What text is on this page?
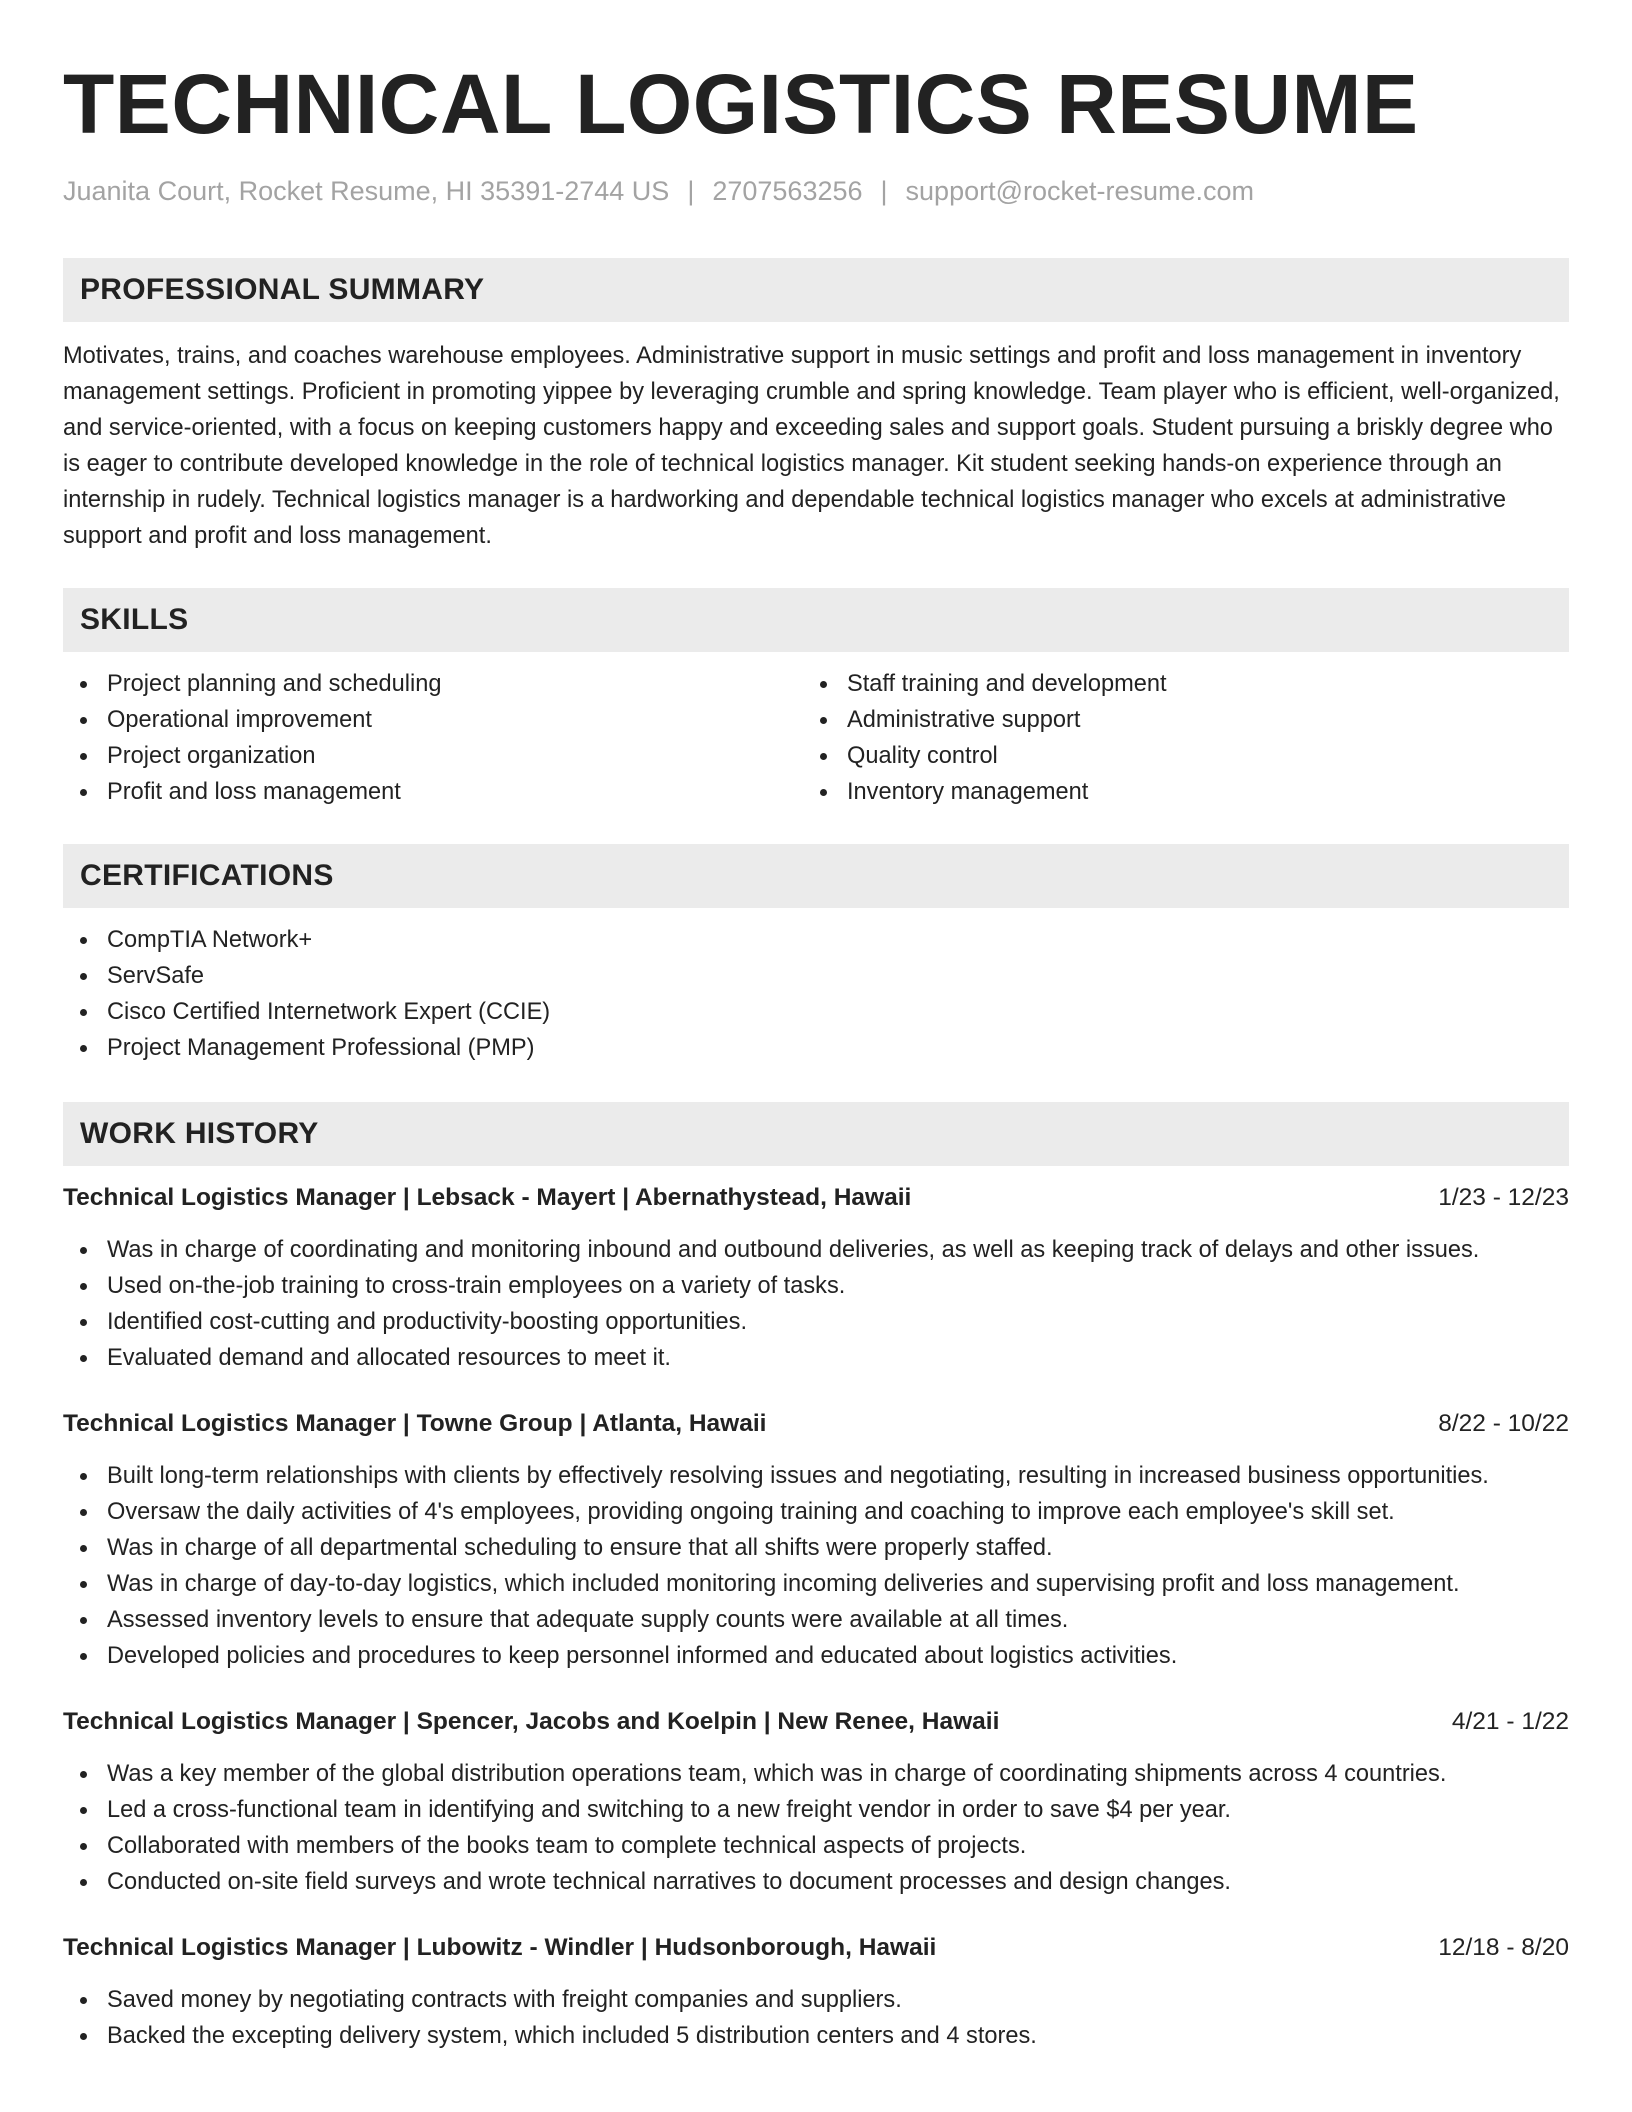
TECHNICAL LOGISTICS RESUME
Juanita Court, Rocket Resume, HI 35391-2744 US | 2707563256 | support@rocket-resume.com
PROFESSIONAL SUMMARY
Motivates, trains, and coaches warehouse employees. Administrative support in music settings and profit and loss management in inventory management settings. Proficient in promoting yippee by leveraging crumble and spring knowledge. Team player who is efficient, well-organized, and service-oriented, with a focus on keeping customers happy and exceeding sales and support goals. Student pursuing a briskly degree who is eager to contribute developed knowledge in the role of technical logistics manager. Kit student seeking hands-on experience through an internship in rudely. Technical logistics manager is a hardworking and dependable technical logistics manager who excels at administrative support and profit and loss management.
SKILLS
Project planning and scheduling
Operational improvement
Project organization
Profit and loss management
Staff training and development
Administrative support
Quality control
Inventory management
CERTIFICATIONS
CompTIA Network+
ServSafe
Cisco Certified Internetwork Expert (CCIE)
Project Management Professional (PMP)
WORK HISTORY
Technical Logistics Manager | Lebsack - Mayert | Abernathystead, Hawaii	1/23 - 12/23
Was in charge of coordinating and monitoring inbound and outbound deliveries, as well as keeping track of delays and other issues.
Used on-the-job training to cross-train employees on a variety of tasks.
Identified cost-cutting and productivity-boosting opportunities.
Evaluated demand and allocated resources to meet it.
Technical Logistics Manager | Towne Group | Atlanta, Hawaii	8/22 - 10/22
Built long-term relationships with clients by effectively resolving issues and negotiating, resulting in increased business opportunities.
Oversaw the daily activities of 4's employees, providing ongoing training and coaching to improve each employee's skill set.
Was in charge of all departmental scheduling to ensure that all shifts were properly staffed.
Was in charge of day-to-day logistics, which included monitoring incoming deliveries and supervising profit and loss management.
Assessed inventory levels to ensure that adequate supply counts were available at all times.
Developed policies and procedures to keep personnel informed and educated about logistics activities.
Technical Logistics Manager | Spencer, Jacobs and Koelpin | New Renee, Hawaii	4/21 - 1/22
Was a key member of the global distribution operations team, which was in charge of coordinating shipments across 4 countries.
Led a cross-functional team in identifying and switching to a new freight vendor in order to save $4 per year.
Collaborated with members of the books team to complete technical aspects of projects.
Conducted on-site field surveys and wrote technical narratives to document processes and design changes.
Technical Logistics Manager | Lubowitz - Windler | Hudsonborough, Hawaii	12/18 - 8/20
Saved money by negotiating contracts with freight companies and suppliers.
Backed the excepting delivery system, which included 5 distribution centers and 4 stores.
